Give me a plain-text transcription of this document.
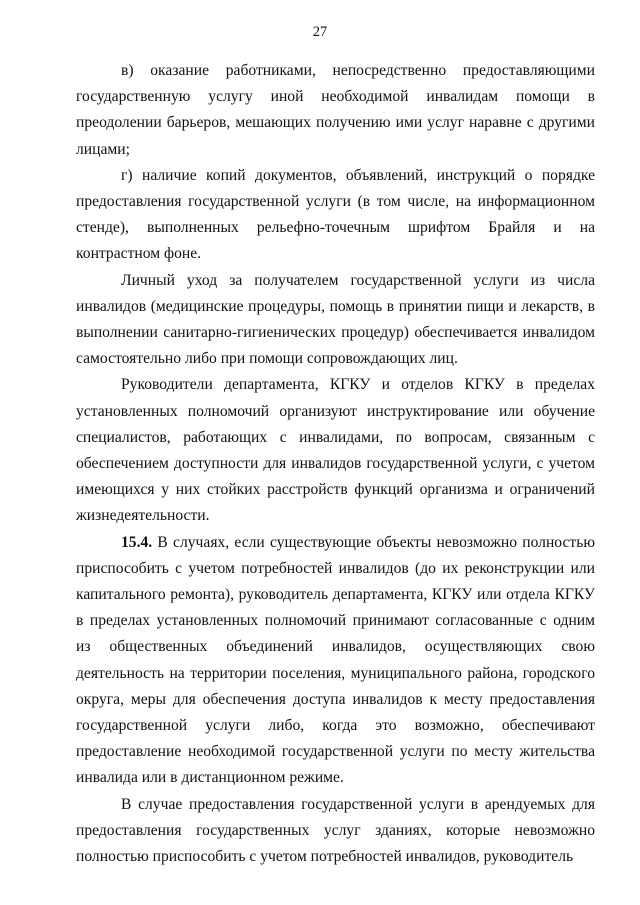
27

в) оказание работниками, непосредственно предоставляющими государственную услугу иной необходимой инвалидам помощи в преодолении барьеров, мешающих получению ими услуг наравне с другими лицами;

г) наличие копий документов, объявлений, инструкций о порядке предоставления государственной услуги (в том числе, на информационном стенде), выполненных рельефно-точечным шрифтом Брайля и на контрастном фоне.

Личный уход за получателем государственной услуги из числа инвалидов (медицинские процедуры, помощь в принятии пищи и лекарств, в выполнении санитарно-гигиенических процедур) обеспечивается инвалидом самостоятельно либо при помощи сопровождающих лиц.

Руководители департамента, КГКУ и отделов КГКУ в пределах установленных полномочий организуют инструктирование или обучение специалистов, работающих с инвалидами, по вопросам, связанным с обеспечением доступности для инвалидов государственной услуги, с учетом имеющихся у них стойких расстройств функций организма и ограничений жизнедеятельности.

15.4. В случаях, если существующие объекты невозможно полностью приспособить с учетом потребностей инвалидов (до их реконструкции или капитального ремонта), руководитель департамента, КГКУ или отдела КГКУ в пределах установленных полномочий принимают согласованные с одним из общественных объединений инвалидов, осуществляющих свою деятельность на территории поселения, муниципального района, городского округа, меры для обеспечения доступа инвалидов к месту предоставления государственной услуги либо, когда это возможно, обеспечивают предоставление необходимой государственной услуги по месту жительства инвалида или в дистанционном режиме.

В случае предоставления государственной услуги в арендуемых для предоставления государственных услуг зданиях, которые невозможно полностью приспособить с учетом потребностей инвалидов, руководитель
